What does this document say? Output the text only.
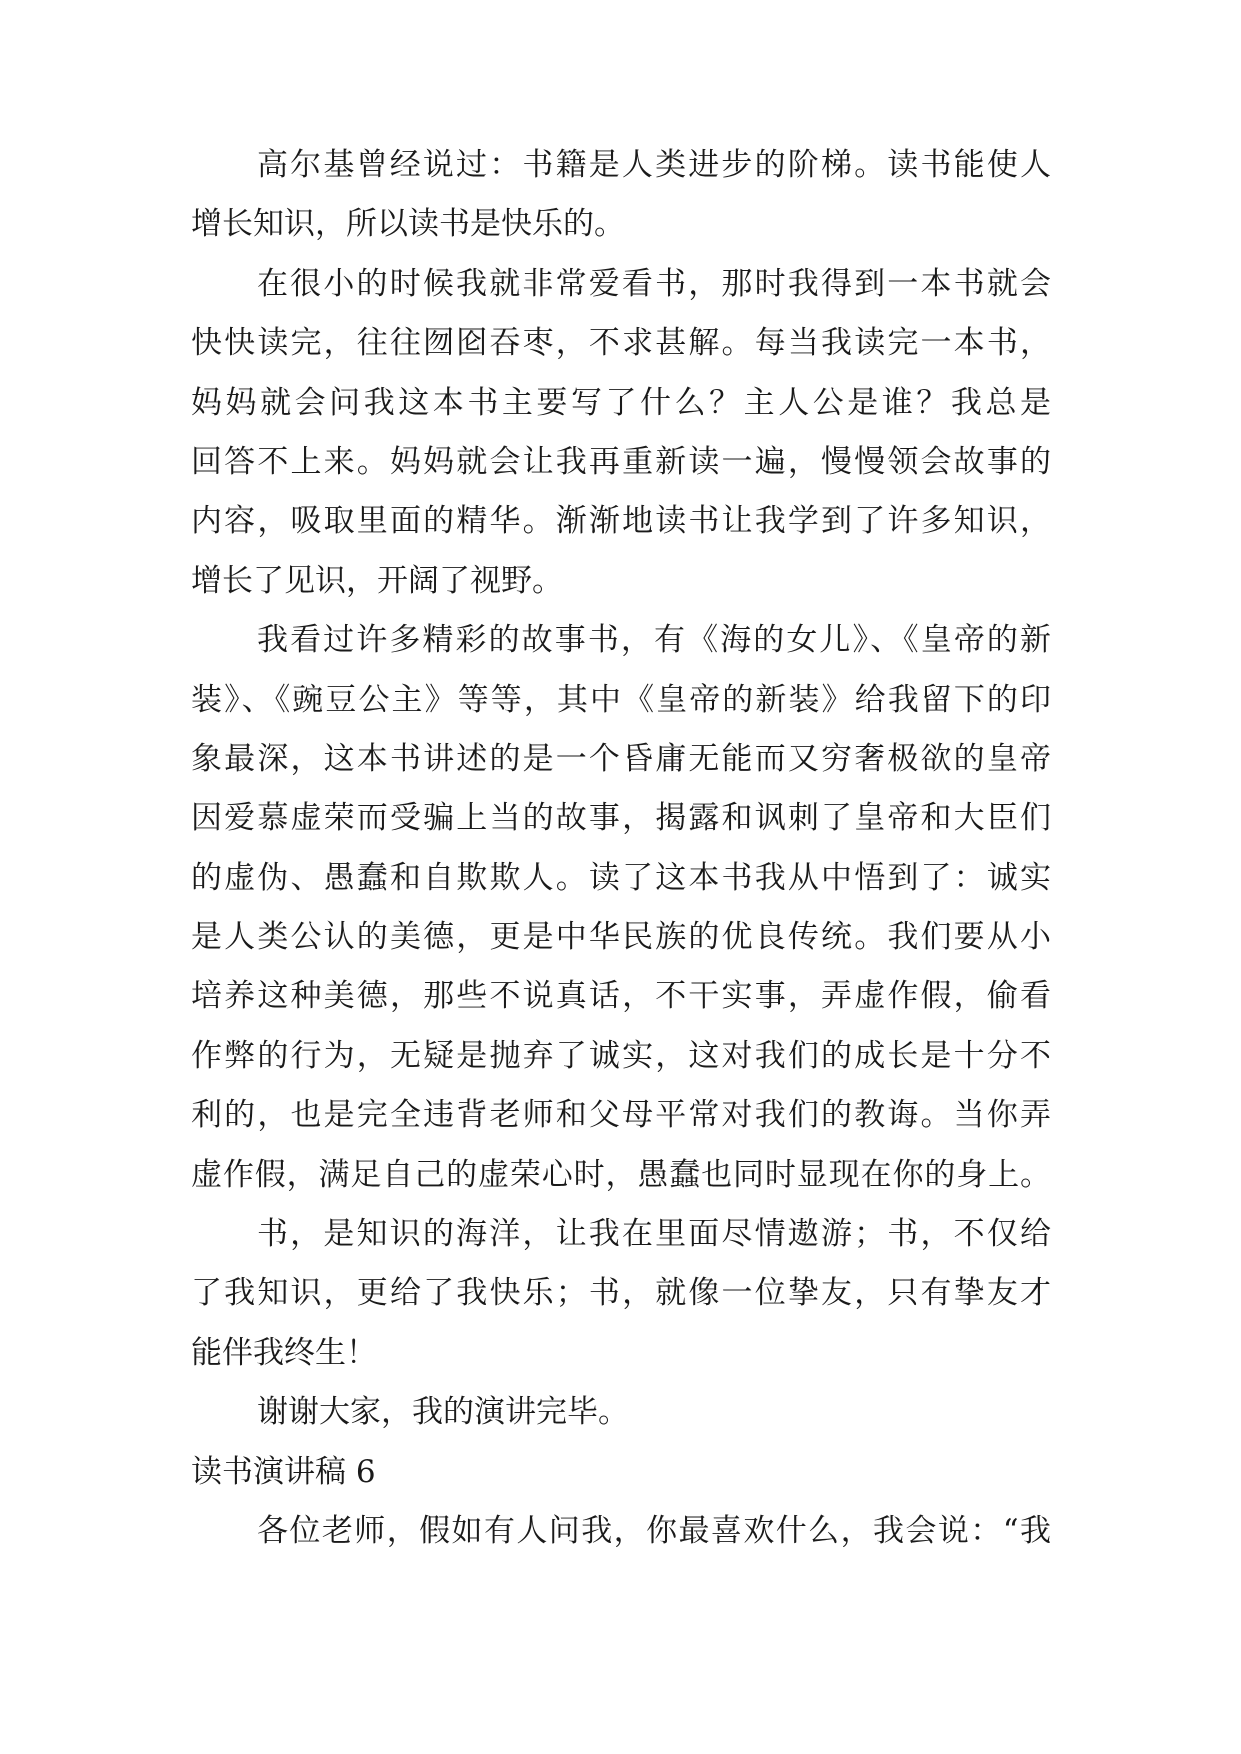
高尔基曾经说过：书籍是人类进步的阶梯。读书能使人
增长知识，所以读书是快乐的。
在很小的时候我就非常爱看书，那时我得到一本书就会
快快读完，往往囫囵吞枣，不求甚解。每当我读完一本书，
妈妈就会问我这本书主要写了什么？主人公是谁？我总是
回答不上来。妈妈就会让我再重新读一遍，慢慢领会故事的
内容，吸取里面的精华。渐渐地读书让我学到了许多知识，
增长了见识，开阔了视野。
我看过许多精彩的故事书，有《海的女儿》、《皇帝的新
装》、《豌豆公主》等等，其中《皇帝的新装》给我留下的印
象最深，这本书讲述的是一个昏庸无能而又穷奢极欲的皇帝
因爱慕虚荣而受骗上当的故事，揭露和讽刺了皇帝和大臣们
的虚伪、愚蠢和自欺欺人。读了这本书我从中悟到了：诚实
是人类公认的美德，更是中华民族的优良传统。我们要从小
培养这种美德，那些不说真话，不干实事，弄虚作假，偷看
作弊的行为，无疑是抛弃了诚实，这对我们的成长是十分不
利的，也是完全违背老师和父母平常对我们的教诲。当你弄
虚作假，满足自己的虚荣心时，愚蠢也同时显现在你的身上。
书，是知识的海洋，让我在里面尽情遨游；书，不仅给
了我知识，更给了我快乐；书，就像一位挚友，只有挚友才
能伴我终生！
谢谢大家，我的演讲完毕。
读书演讲稿 6
各位老师，假如有人问我，你最喜欢什么，我会说：“我
